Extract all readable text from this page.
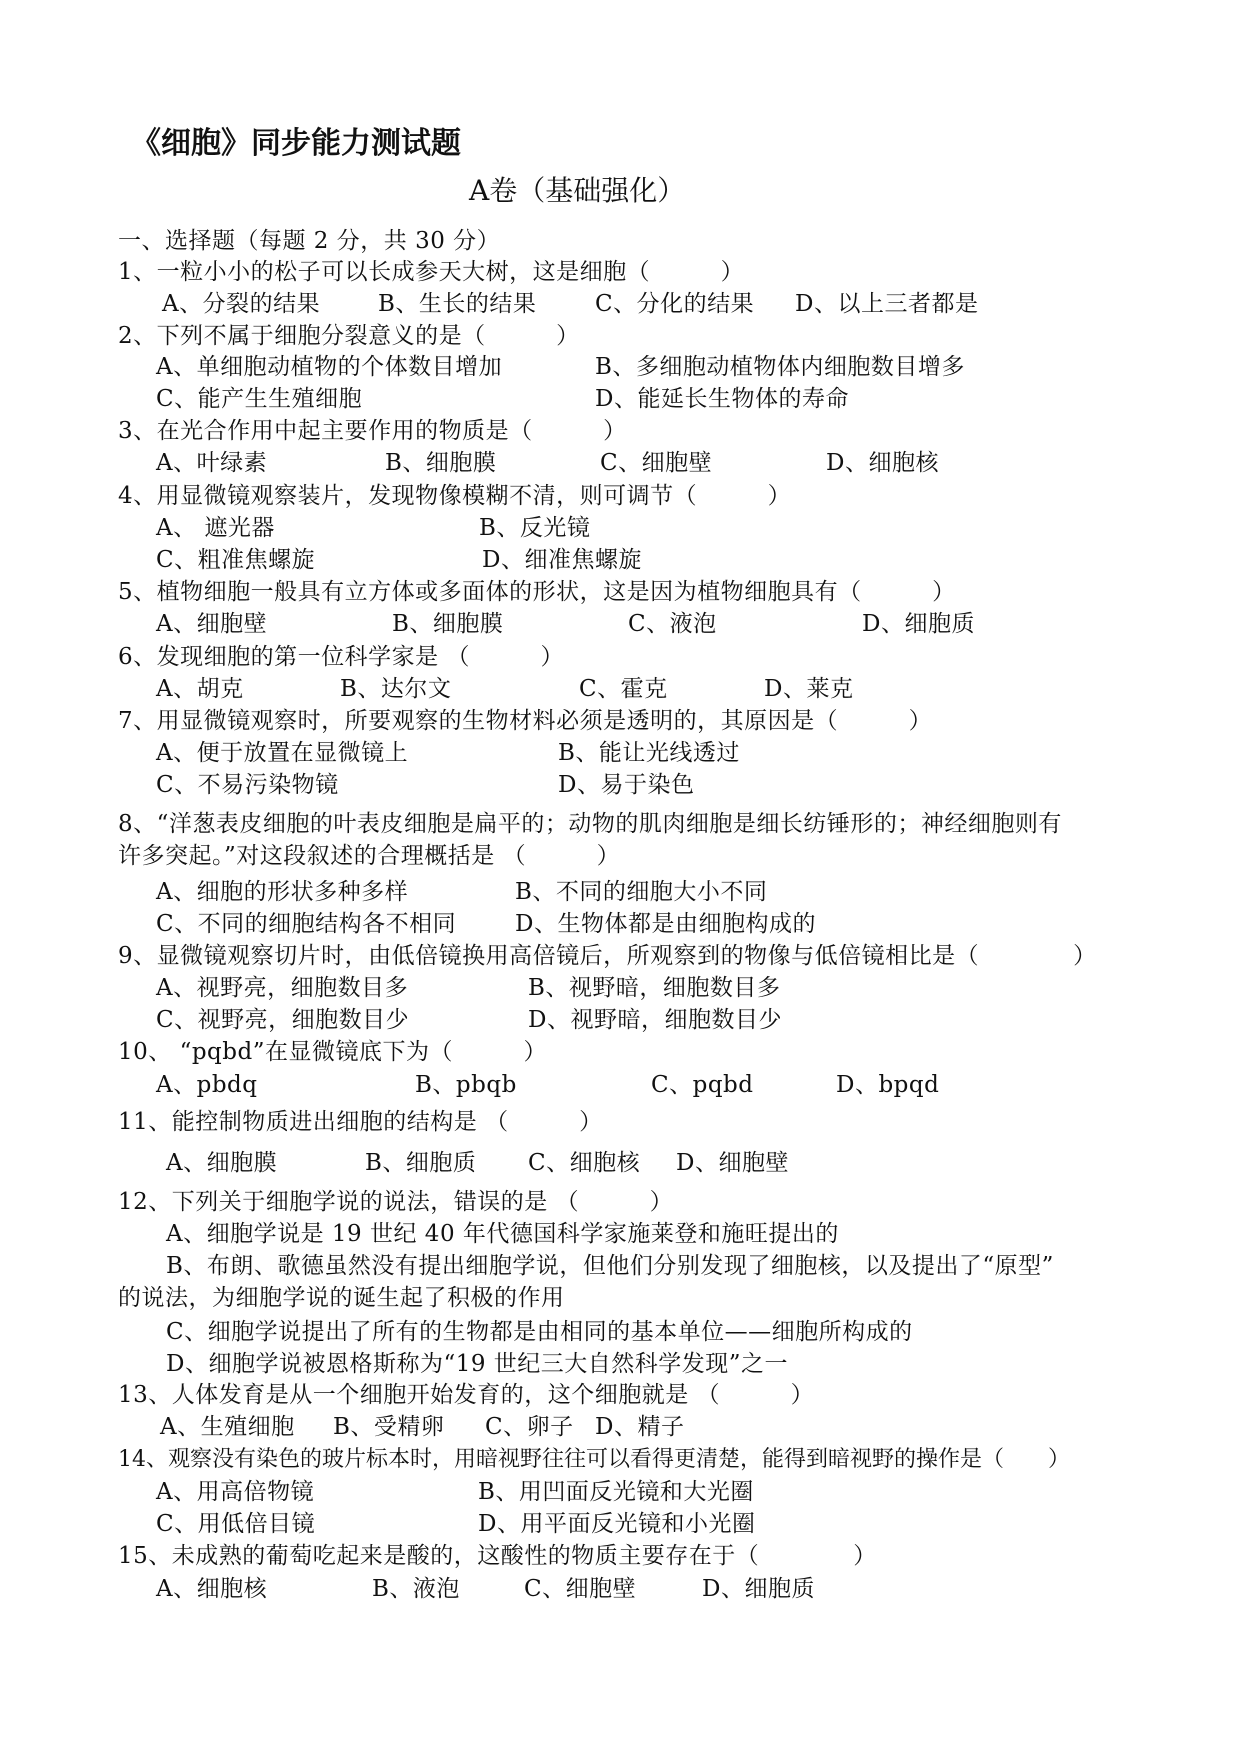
《细胞》同步能力测试题
A卷（基础强化）
一、选择题（每题 2 分，共 30 分）
1、一粒小小的松子可以长成参天大树，这是细胞（　　　）
A、分裂的结果	B、生长的结果	C、分化的结果 D、以上三者都是
2、下列不属于细胞分裂意义的是（　　　）
A、单细胞动植物的个体数目增加	B、多细胞动植物体内细胞数目增多
C、能产生生殖细胞	D、能延长生物体的寿命
3、在光合作用中起主要作用的物质是（　　　）
A、叶绿素	B、细胞膜	C、细胞壁	D、细胞核
4、用显微镜观察装片，发现物像模糊不清，则可调节（　　　）
A、 遮光器	B、反光镜
C、粗准焦螺旋	D、细准焦螺旋
5、植物细胞一般具有立方体或多面体的形状，这是因为植物细胞具有（　　　）
A、细胞壁	B、细胞膜	C、液泡	D、细胞质
6、发现细胞的第一位科学家是 （　　　）
A、胡克	B、达尔文	C、霍克	D、莱克
7、用显微镜观察时，所要观察的生物材料必须是透明的，其原因是（　　　）
A、便于放置在显微镜上	B、能让光线透过
C、不易污染物镜	D、易于染色
8、“洋葱表皮细胞的叶表皮细胞是扁平的；动物的肌肉细胞是细长纺锤形的；神经细胞则有
许多突起。”对这段叙述的合理概括是 （　　　）
A、细胞的形状多种多样	B、不同的细胞大小不同
C、不同的细胞结构各不相同	D、生物体都是由细胞构成的
9、显微镜观察切片时，由低倍镜换用高倍镜后，所观察到的物像与低倍镜相比是（　　　　）
A、视野亮，细胞数目多	B、视野暗，细胞数目多
C、视野亮，细胞数目少	D、视野暗，细胞数目少
10、 “pqbd”在显微镜底下为（　　　）
A、pbdq	B、pbqb	C、pqbd	D、bpqd
11、能控制物质进出细胞的结构是 （　　　）
A、细胞膜	B、细胞质 C、细胞核 D、细胞壁
12、下列关于细胞学说的说法，错误的是 （　　　）
A、细胞学说是 19 世纪 40 年代德国科学家施莱登和施旺提出的
B、布朗、歌德虽然没有提出细胞学说，但他们分别发现了细胞核，以及提出了“原型”
的说法，为细胞学说的诞生起了积极的作用
C、细胞学说提出了所有的生物都是由相同的基本单位——细胞所构成的
D、细胞学说被恩格斯称为“19 世纪三大自然科学发现”之一
13、人体发育是从一个细胞开始发育的，这个细胞就是 （　　　）
A、生殖细胞 B、受精卵 C、卵子 D、精子
14、观察没有染色的玻片标本时，用暗视野往往可以看得更清楚，能得到暗视野的操作是（　　）
A、用高倍物镜	B、用凹面反光镜和大光圈
C、用低倍目镜	D、用平面反光镜和小光圈
15、未成熟的葡萄吃起来是酸的，这酸性的物质主要存在于（　　　　）
A、细胞核	B、液泡	C、细胞壁	D、细胞质
